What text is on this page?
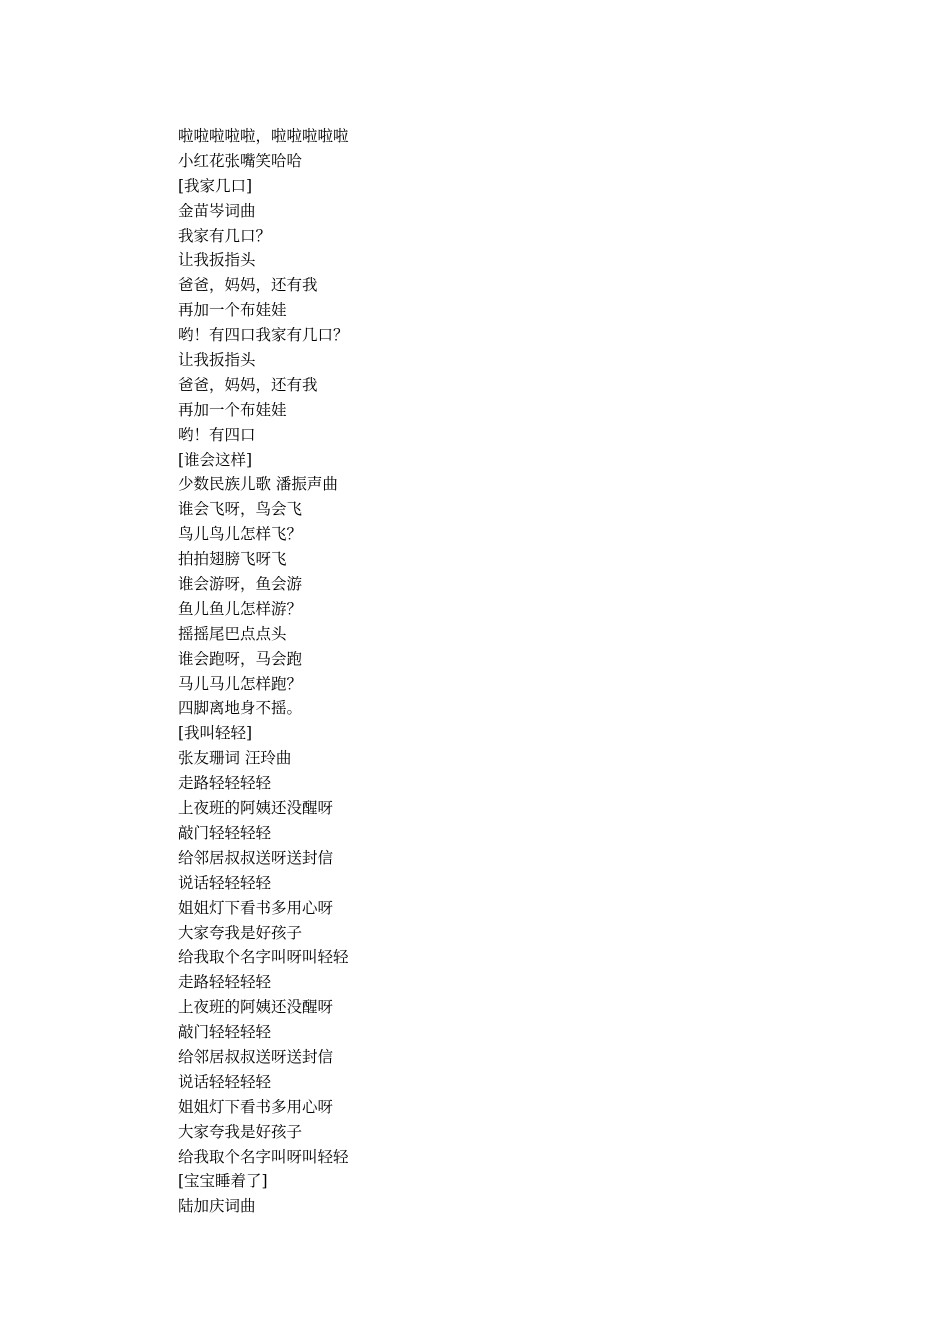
啦啦啦啦啦，啦啦啦啦啦
小红花张嘴笑哈哈
[我家几口]
金苗岑词曲
我家有几口？
让我扳指头
爸爸，妈妈，还有我
再加一个布娃娃
哟！有四口我家有几口？
让我扳指头
爸爸，妈妈，还有我
再加一个布娃娃
哟！有四口
[谁会这样]
少数民族儿歌 潘振声曲
谁会飞呀，鸟会飞
鸟儿鸟儿怎样飞？
拍拍翅膀飞呀飞
谁会游呀，鱼会游
鱼儿鱼儿怎样游？
摇摇尾巴点点头
谁会跑呀，马会跑
马儿马儿怎样跑？
四脚离地身不摇。
[我叫轻轻]
张友珊词 汪玲曲
走路轻轻轻轻
上夜班的阿姨还没醒呀
敲门轻轻轻轻
给邻居叔叔送呀送封信
说话轻轻轻轻
姐姐灯下看书多用心呀
大家夸我是好孩子
给我取个名字叫呀叫轻轻
走路轻轻轻轻
上夜班的阿姨还没醒呀
敲门轻轻轻轻
给邻居叔叔送呀送封信
说话轻轻轻轻
姐姐灯下看书多用心呀
大家夸我是好孩子
给我取个名字叫呀叫轻轻
[宝宝睡着了]
陆加庆词曲
